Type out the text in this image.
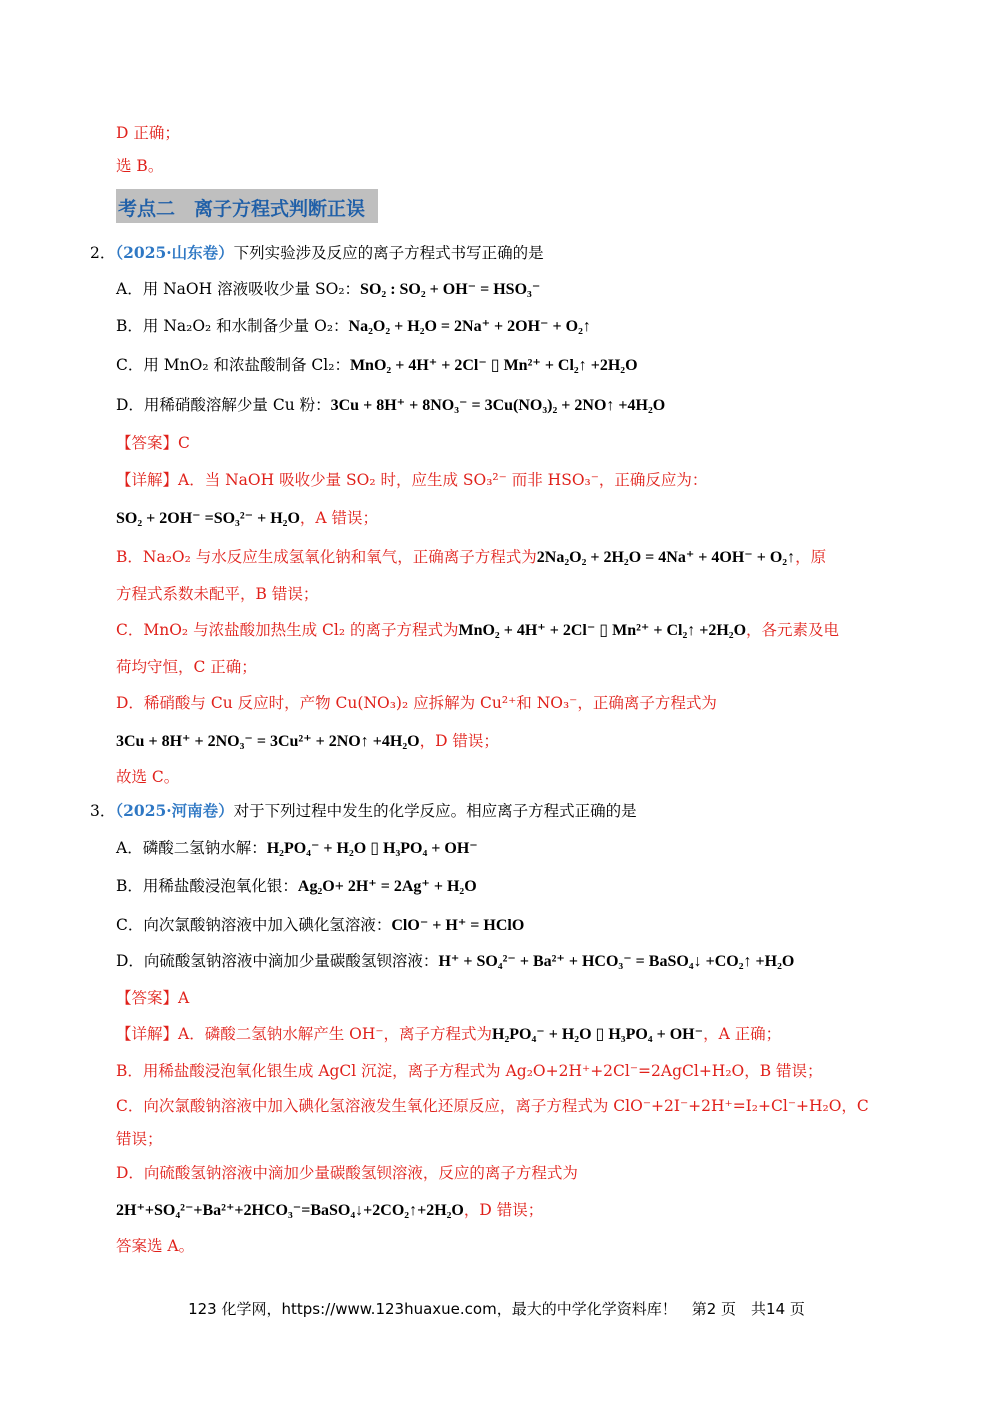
D 正确；
选 B。
考点二　离子方程式判断正误
2．（2025·山东卷）下列实验涉及反应的离子方程式书写正确的是
A．用 NaOH 溶液吸收少量 SO₂：SO₂ : SO₂ + OH⁻ = HSO₃⁻
B．用 Na₂O₂ 和水制备少量 O₂：Na₂O₂ + H₂O = 2Na⁺ + 2OH⁻ + O₂↑
C．用 MnO₂ 和浓盐酸制备 Cl₂：MnO₂ + 4H⁺ + 2Cl⁻ ▯ Mn²⁺ + Cl₂↑ +2H₂O
D．用稀硝酸溶解少量 Cu 粉：3Cu + 8H⁺ + 8NO₃⁻ = 3Cu(NO₃)₂ + 2NO↑ +4H₂O
【答案】C
【详解】A．当 NaOH 吸收少量 SO₂ 时，应生成 SO₃²⁻ 而非 HSO₃⁻，正确反应为：
SO₂ + 2OH⁻ =SO₃²⁻ + H₂O，A 错误；
B．Na₂O₂ 与水反应生成氢氧化钠和氧气，正确离子方程式为2Na₂O₂ + 2H₂O = 4Na⁺ + 4OH⁻ + O₂↑，原
方程式系数未配平，B 错误；
C．MnO₂ 与浓盐酸加热生成 Cl₂ 的离子方程式为MnO₂ + 4H⁺ + 2Cl⁻ ▯ Mn²⁺ + Cl₂↑ +2H₂O，各元素及电
荷均守恒，C 正确；
D．稀硝酸与 Cu 反应时，产物 Cu(NO₃)₂ 应拆解为 Cu²⁺和 NO₃⁻，正确离子方程式为
3Cu + 8H⁺ + 2NO₃⁻ = 3Cu²⁺ + 2NO↑ +4H₂O，D 错误；
故选 C。
3．（2025·河南卷）对于下列过程中发生的化学反应。相应离子方程式正确的是
A．磷酸二氢钠水解：H₂PO₄⁻ + H₂O ▯ H₃PO₄ + OH⁻
B．用稀盐酸浸泡氧化银：Ag₂O+ 2H⁺ = 2Ag⁺ + H₂O
C．向次氯酸钠溶液中加入碘化氢溶液：ClO⁻ + H⁺ = HClO
D．向硫酸氢钠溶液中滴加少量碳酸氢钡溶液：H⁺ + SO₄²⁻ + Ba²⁺ + HCO₃⁻ = BaSO₄↓ +CO₂↑ +H₂O
【答案】A
【详解】A．磷酸二氢钠水解产生 OH⁻，离子方程式为H₂PO₄⁻ + H₂O ▯ H₃PO₄ + OH⁻，A 正确；
B．用稀盐酸浸泡氧化银生成 AgCl 沉淀，离子方程式为 Ag₂O+2H⁺+2Cl⁻=2AgCl+H₂O，B 错误；
C．向次氯酸钠溶液中加入碘化氢溶液发生氧化还原反应，离子方程式为 ClO⁻+2I⁻+2H⁺=I₂+Cl⁻+H₂O，C
错误；
D．向硫酸氢钠溶液中滴加少量碳酸氢钡溶液，反应的离子方程式为
2H⁺+SO₄²⁻+Ba²⁺+2HCO₃⁻=BaSO₄↓+2CO₂↑+2H₂O，D 错误；
答案选 A。
123 化学网，https://www.123huaxue.com，最大的中学化学资料库！　第2 页　共14 页
